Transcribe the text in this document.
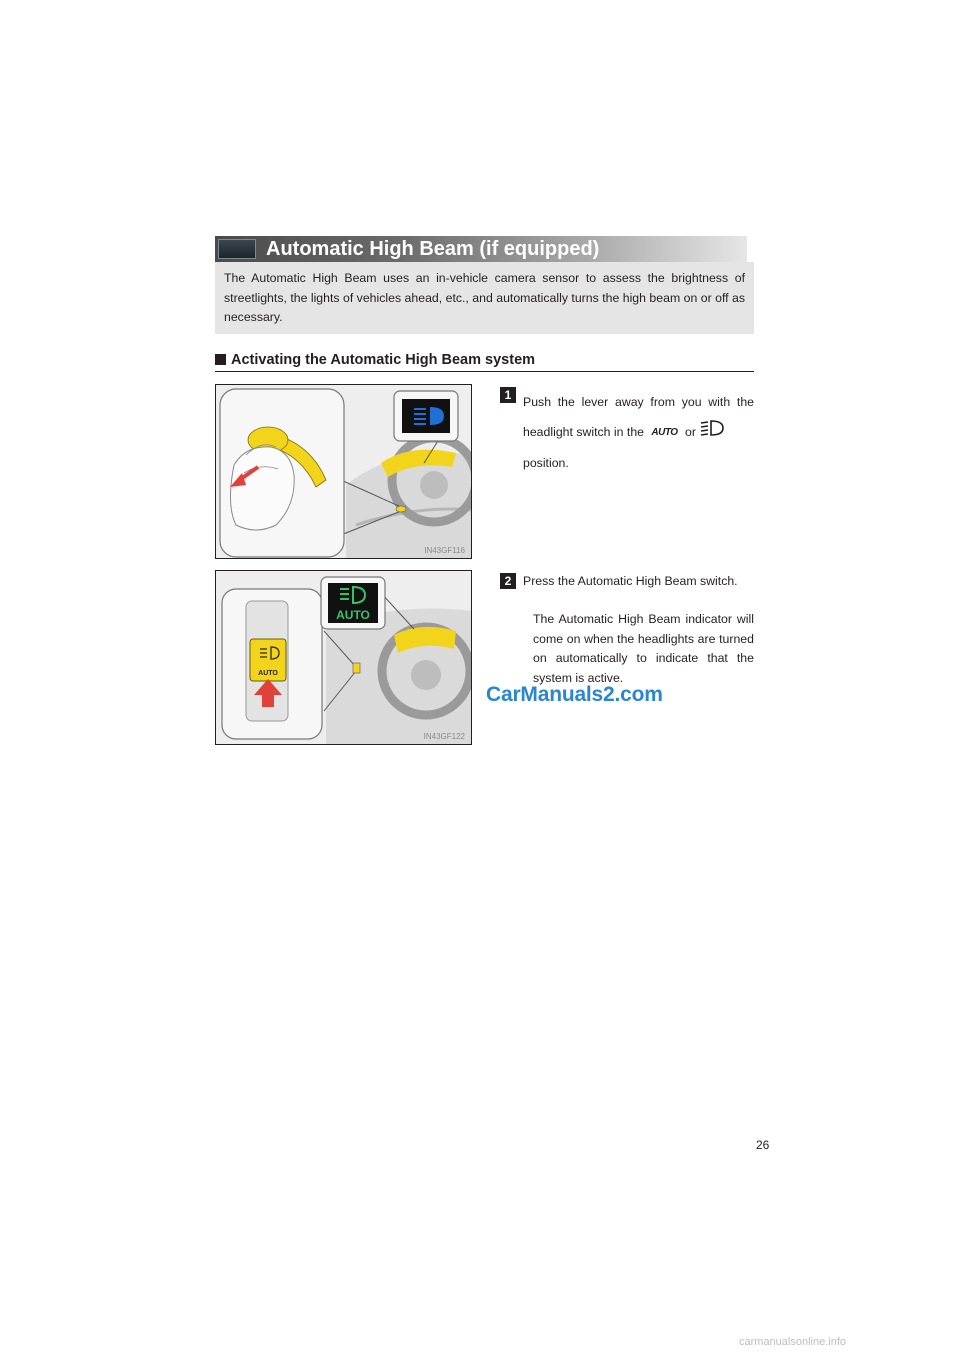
Automatic High Beam (if equipped)
The Automatic High Beam uses an in-vehicle camera sensor to assess the brightness of streetlights, the lights of vehicles ahead, etc., and automatically turns the high beam on or off as necessary.
Activating the Automatic High Beam system
IN43GF116
1 Push the lever away from you with the headlight switch in the AUTO or
position.
AUTO
AUTO
IN43GF122
2 Press the Automatic High Beam switch.
The Automatic High Beam indicator will come on when the headlights are turned on automatically to indicate that the system is active.
CarManuals2.com
26
carmanualsonline.info
